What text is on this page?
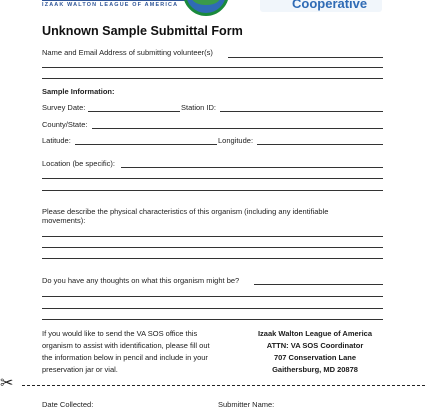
IZAAK WALTON LEAGUE OF AMERICA	Cooperative
Unknown Sample Submittal Form
Name and Email Address of submitting volunteer(s)
Sample Information:
Survey Date:	Station ID:
County/State:
Latitude:	Longitude:
Location (be specific):
Please describe the physical characteristics of this organism (including any identifiable
movements):
Do you have any thoughts on what this organism might be?
If you would like to send the VA SOS office this
organism to assist with identification, please fill out
the information below in pencil and include in your
preservation jar or vial.
Izaak Walton League of America
ATTN: VA SOS Coordinator
707 Conservation Lane
Gaithersburg, MD 20878
✂
Date Collected:	Submitter Name:
